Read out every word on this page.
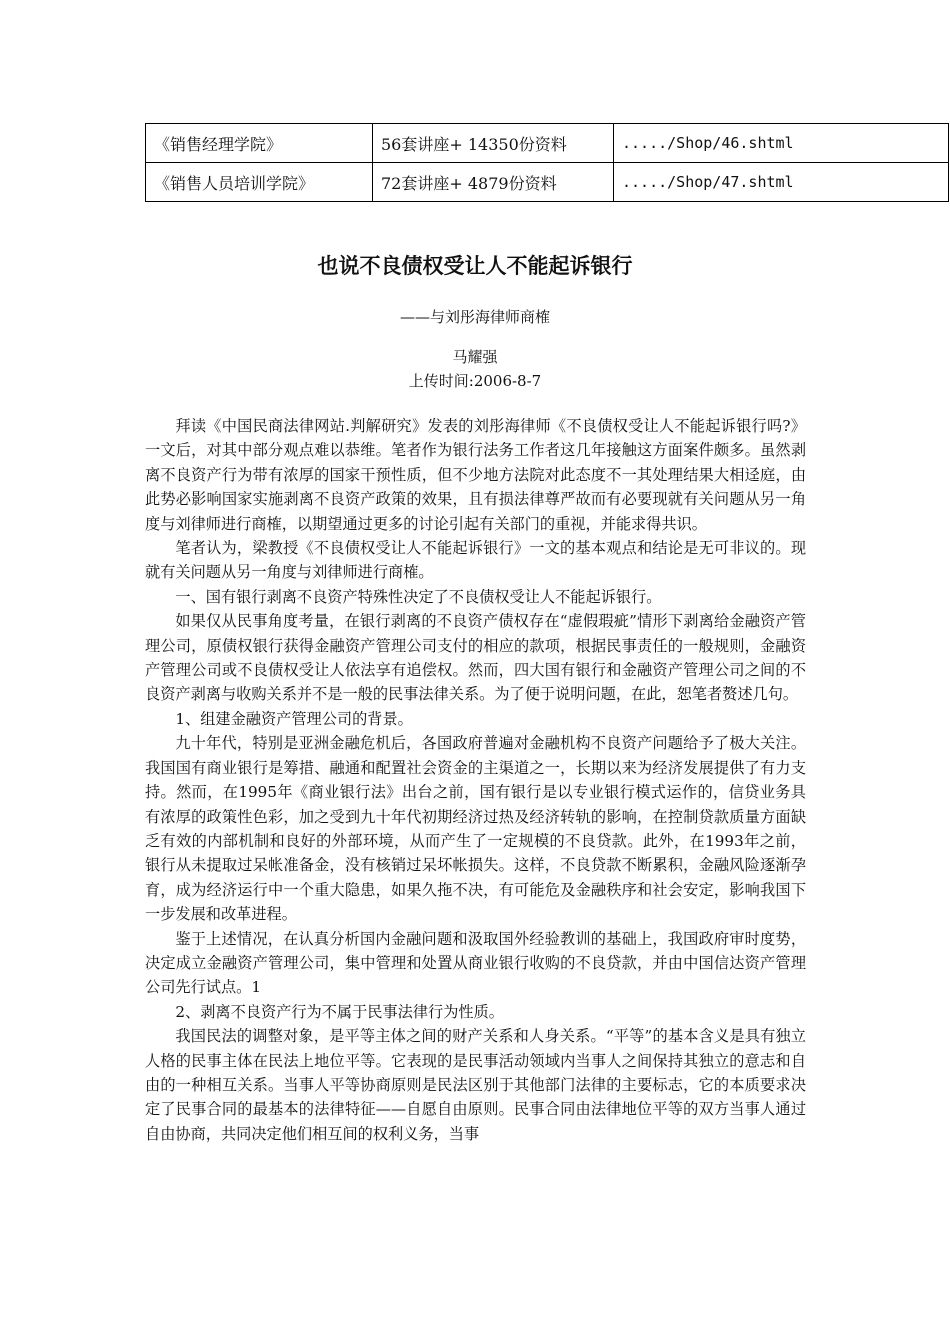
《销售经理学院》	56套讲座+ 14350份资料	...../Shop/46.shtml
《销售人员培训学院》	72套讲座+ 4879份资料	...../Shop/47.shtml
也说不良债权受让人不能起诉银行
——与刘彤海律师商榷
马耀强
上传时间:2006-8-7

拜读《中国民商法律网站.判解研究》发表的刘彤海律师《不良债权受让人不能起诉银行吗?》一文后，对其中部分观点难以恭维。笔者作为银行法务工作者这几年接触这方面案件颇多。虽然剥离不良资产行为带有浓厚的国家干预性质，但不少地方法院对此态度不一其处理结果大相迳庭，由此势必影响国家实施剥离不良资产政策的效果，且有损法律尊严故而有必要现就有关问题从另一角度与刘律师进行商榷，以期望通过更多的讨论引起有关部门的重视，并能求得共识。

笔者认为，梁教授《不良债权受让人不能起诉银行》一文的基本观点和结论是无可非议的。现就有关问题从另一角度与刘律师进行商榷。

一、国有银行剥离不良资产特殊性决定了不良债权受让人不能起诉银行。

如果仅从民事角度考量，在银行剥离的不良资产债权存在“虚假瑕疵”情形下剥离给金融资产管理公司，原债权银行获得金融资产管理公司支付的相应的款项，根据民事责任的一般规则，金融资产管理公司或不良债权受让人依法享有追偿权。然而，四大国有银行和金融资产管理公司之间的不良资产剥离与收购关系并不是一般的民事法律关系。为了便于说明问题，在此，恕笔者赘述几句。

1、组建金融资产管理公司的背景。

九十年代，特别是亚洲金融危机后，各国政府普遍对金融机构不良资产问题给予了极大关注。我国国有商业银行是筹措、融通和配置社会资金的主渠道之一，长期以来为经济发展提供了有力支持。然而，在1995年《商业银行法》出台之前，国有银行是以专业银行模式运作的，信贷业务具有浓厚的政策性色彩，加之受到九十年代初期经济过热及经济转轨的影响，在控制贷款质量方面缺乏有效的内部机制和良好的外部环境，从而产生了一定规模的不良贷款。此外，在1993年之前，银行从未提取过呆帐准备金，没有核销过呆坏帐损失。这样，不良贷款不断累积，金融风险逐渐孕育，成为经济运行中一个重大隐患，如果久拖不决，有可能危及金融秩序和社会安定，影响我国下一步发展和改革进程。

鉴于上述情况，在认真分析国内金融问题和汲取国外经验教训的基础上，我国政府审时度势，决定成立金融资产管理公司，集中管理和处置从商业银行收购的不良贷款，并由中国信达资产管理公司先行试点。1

2、剥离不良资产行为不属于民事法律行为性质。

我国民法的调整对象，是平等主体之间的财产关系和人身关系。“平等”的基本含义是具有独立人格的民事主体在民法上地位平等。它表现的是民事活动领域内当事人之间保持其独立的意志和自由的一种相互关系。当事人平等协商原则是民法区别于其他部门法律的主要标志，它的本质要求决定了民事合同的最基本的法律特征——自愿自由原则。民事合同由法律地位平等的双方当事人通过自由协商，共同决定他们相互间的权利义务，当事
